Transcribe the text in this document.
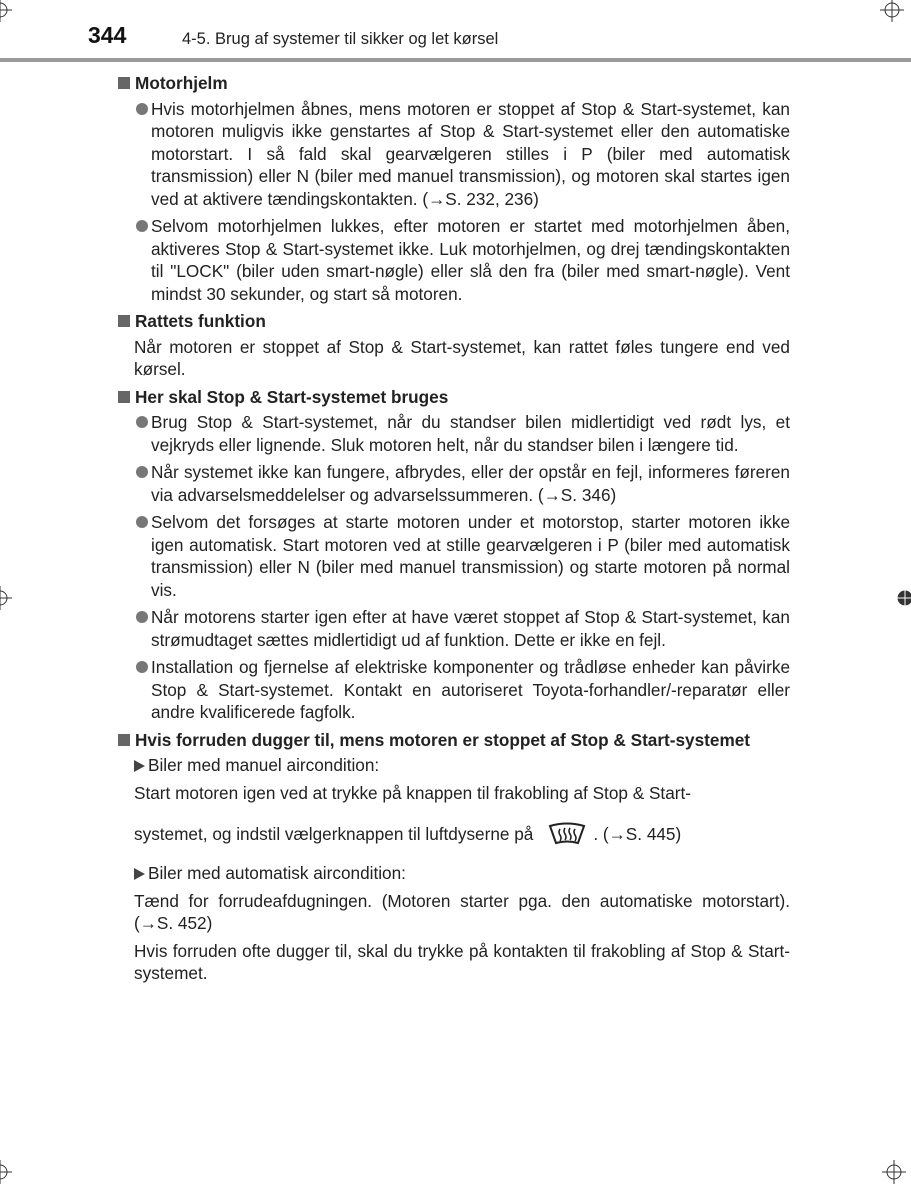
344	4-5. Brug af systemer til sikker og let kørsel
Motorhjelm
Hvis motorhjelmen åbnes, mens motoren er stoppet af Stop & Start-systemet, kan motoren muligvis ikke genstartes af Stop & Start-systemet eller den automatiske motorstart. I så fald skal gearvælgeren stilles i P (biler med automatisk transmission) eller N (biler med manuel transmission), og motoren skal startes igen ved at aktivere tændingskontakten. (→S. 232, 236)
Selvom motorhjelmen lukkes, efter motoren er startet med motorhjelmen åben, aktiveres Stop & Start-systemet ikke. Luk motorhjelmen, og drej tændingskontakten til "LOCK" (biler uden smart-nøgle) eller slå den fra (biler med smart-nøgle). Vent mindst 30 sekunder, og start så motoren.
Rattets funktion
Når motoren er stoppet af Stop & Start-systemet, kan rattet føles tungere end ved kørsel.
Her skal Stop & Start-systemet bruges
Brug Stop & Start-systemet, når du standser bilen midlertidigt ved rødt lys, et vejkryds eller lignende. Sluk motoren helt, når du standser bilen i længere tid.
Når systemet ikke kan fungere, afbrydes, eller der opstår en fejl, informeres føreren via advarselsmeddelelser og advarselssummeren. (→S. 346)
Selvom det forsøges at starte motoren under et motorstop, starter motoren ikke igen automatisk. Start motoren ved at stille gearvælgeren i P (biler med automatisk transmission) eller N (biler med manuel transmission) og starte motoren på normal vis.
Når motorens starter igen efter at have været stoppet af Stop & Start-systemet, kan strømudtaget sættes midlertidigt ud af funktion. Dette er ikke en fejl.
Installation og fjernelse af elektriske komponenter og trådløse enheder kan påvirke Stop & Start-systemet. Kontakt en autoriseret Toyota-forhandler/-reparatør eller andre kvalificerede fagfolk.
Hvis forruden dugger til, mens motoren er stoppet af Stop & Start-systemet
Biler med manuel aircondition:
Start motoren igen ved at trykke på knappen til frakobling af Stop & Start-
systemet, og indstil vælgerknappen til luftdyserne på	. (→S. 445)
Biler med automatisk aircondition:
Tænd for forrudeafdugningen. (Motoren starter pga. den automatiske motorstart). (→S. 452)
Hvis forruden ofte dugger til, skal du trykke på kontakten til frakobling af Stop & Start-systemet.
